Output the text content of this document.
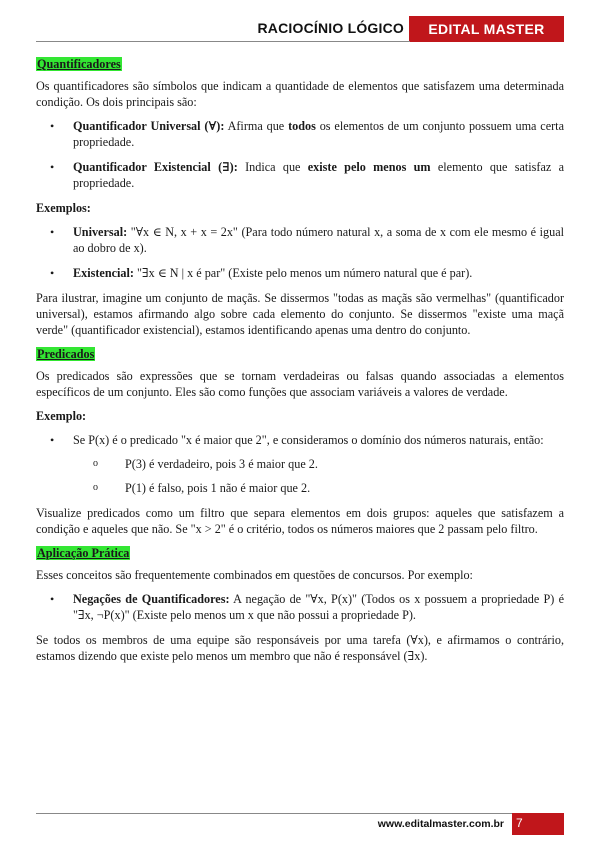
RACIOCÍNIO LÓGICO	EDITAL MASTER
Quantificadores

Os quantificadores são símbolos que indicam a quantidade de elementos que satisfazem uma determinada condição. Os dois principais são:

• Quantificador Universal (∀): Afirma que todos os elementos de um conjunto possuem uma certa propriedade.
• Quantificador Existencial (∃): Indica que existe pelo menos um elemento que satisfaz a propriedade.
Exemplos:
• Universal: "∀x ∈ N, x + x = 2x" (Para todo número natural x, a soma de x com ele mesmo é igual ao dobro de x).
• Existencial: "∃x ∈ N | x é par" (Existe pelo menos um número natural que é par).

Para ilustrar, imagine um conjunto de maçãs. Se dissermos "todas as maçãs são vermelhas" (quantificador universal), estamos afirmando algo sobre cada elemento do conjunto. Se dissermos "existe uma maçã verde" (quantificador existencial), estamos identificando apenas uma dentro do conjunto.

Predicados

Os predicados são expressões que se tornam verdadeiras ou falsas quando associadas a elementos específicos de um conjunto. Eles são como funções que associam variáveis a valores de verdade.

Exemplo:
• Se P(x) é o predicado "x é maior que 2", e consideramos o domínio dos números naturais, então:
o P(3) é verdadeiro, pois 3 é maior que 2.
o P(1) é falso, pois 1 não é maior que 2.

Visualize predicados como um filtro que separa elementos em dois grupos: aqueles que satisfazem a condição e aqueles que não. Se "x > 2" é o critério, todos os números maiores que 2 passam pelo filtro.

Aplicação Prática

Esses conceitos são frequentemente combinados em questões de concursos. Por exemplo:

• Negações de Quantificadores: A negação de "∀x, P(x)" (Todos os x possuem a propriedade P) é "∃x, ¬P(x)" (Existe pelo menos um x que não possui a propriedade P).

Se todos os membros de uma equipe são responsáveis por uma tarefa (∀x), e afirmamos o contrário, estamos dizendo que existe pelo menos um membro que não é responsável (∃x).

www.editalmaster.com.br 7
